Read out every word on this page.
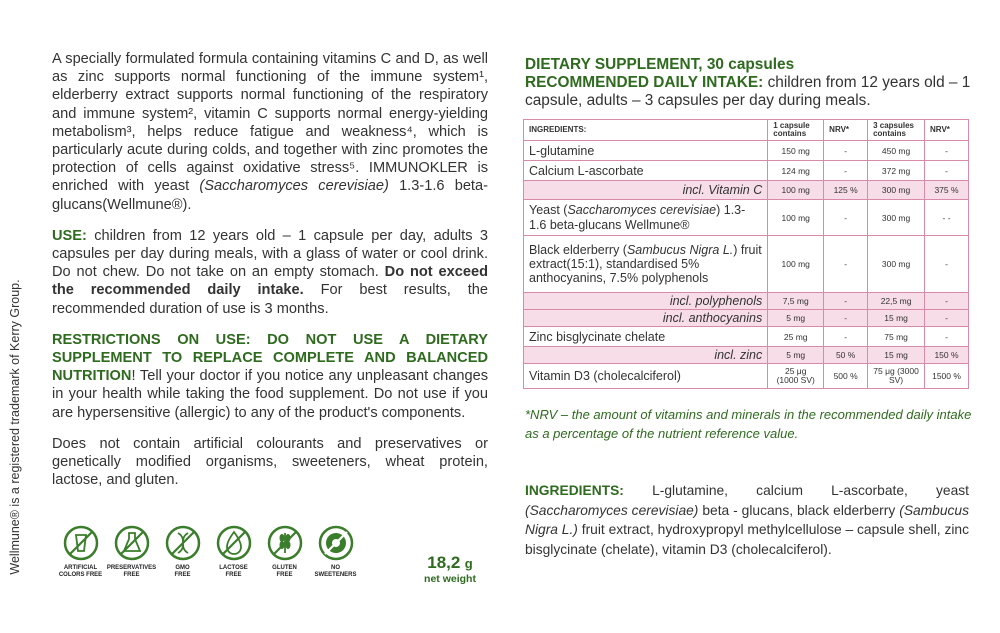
Wellmune® is a registered trademark of Kerry Group.

A specially formulated formula containing vitamins C and D, as well as zinc supports normal functioning of the immune system¹, elderberry extract supports normal functioning of the respiratory and immune system², vitamin C supports normal energy-yielding metabolism³, helps reduce fatigue and weakness⁴, which is particularly acute during colds, and together with zinc promotes the protection of cells against oxidative stress⁵. IMMUNOKLER is enriched with yeast (Saccharomyces cerevisiae) 1.3-1.6 beta-glucans(Wellmune®).

USE: children from 12 years old – 1 capsule per day, adults 3 capsules per day during meals, with a glass of water or cool drink. Do not chew. Do not take on an empty stomach. Do not exceed the recommended daily intake. For best results, the recommended duration of use is 3 months.

RESTRICTIONS ON USE: DO NOT USE A DIETARY SUPPLEMENT TO REPLACE COMPLETE AND BALANCED NUTRITION! Tell your doctor if you notice any unpleasant changes in your health while taking the food supplement. Do not use if you are hypersensitive (allergic) to any of the product's components.

Does not contain artificial colourants and preservatives or genetically modified organisms, sweeteners, wheat protein, lactose, and gluten.

ARTIFICIAL
COLORS FREE
PRESERVATIVES
FREE
GMO
FREE
LACTOSE
FREE
GLUTEN
FREE
NO
SWEETENERS
18,2 g
net weight
DIETARY SUPPLEMENT, 30 capsules
RECOMMENDED DAILY INTAKE: children from 12 years old – 1 capsule, adults – 3 capsules per day during meals.
INGREDIENTS:	1 capsule contains	NRV*	3 capsules contains	NRV*
L-glutamine	150 mg	-	450 mg	-
Calcium L-ascorbate	124 mg	-	372 mg	-
incl. Vitamin C	100 mg	125 %	300 mg	375 %
Yeast (Saccharomyces cerevisiae) 1.3-1.6 beta-glucans Wellmune®	100 mg	-	300 mg	- -
Black elderberry (Sambucus Nigra L.) fruit extract(15:1), standardised 5% anthocyanins, 7.5% polyphenols	100 mg	-	300 mg	-
incl. polyphenols	7,5 mg	-	22,5 mg	-
incl. anthocyanins	5 mg	-	15 mg	-
Zinc bisglycinate chelate	25 mg	-	75 mg	-
incl. zinc	5 mg	50 %	15 mg	150 %
Vitamin D3 (cholecalciferol)	25 μg (1000 SV)	500 %	75 μg (3000 SV)	1500 %
*NRV – the amount of vitamins and minerals in the recommended daily intake as a percentage of the nutrient reference value.
INGREDIENTS: L-glutamine, calcium L-ascorbate, yeast (Saccharomyces cerevisiae) beta - glucans, black elderberry (Sambucus Nigra L.) fruit extract, hydroxypropyl methylcellulose – capsule shell, zinc bisglycinate (chelate), vitamin D3 (cholecalciferol).
